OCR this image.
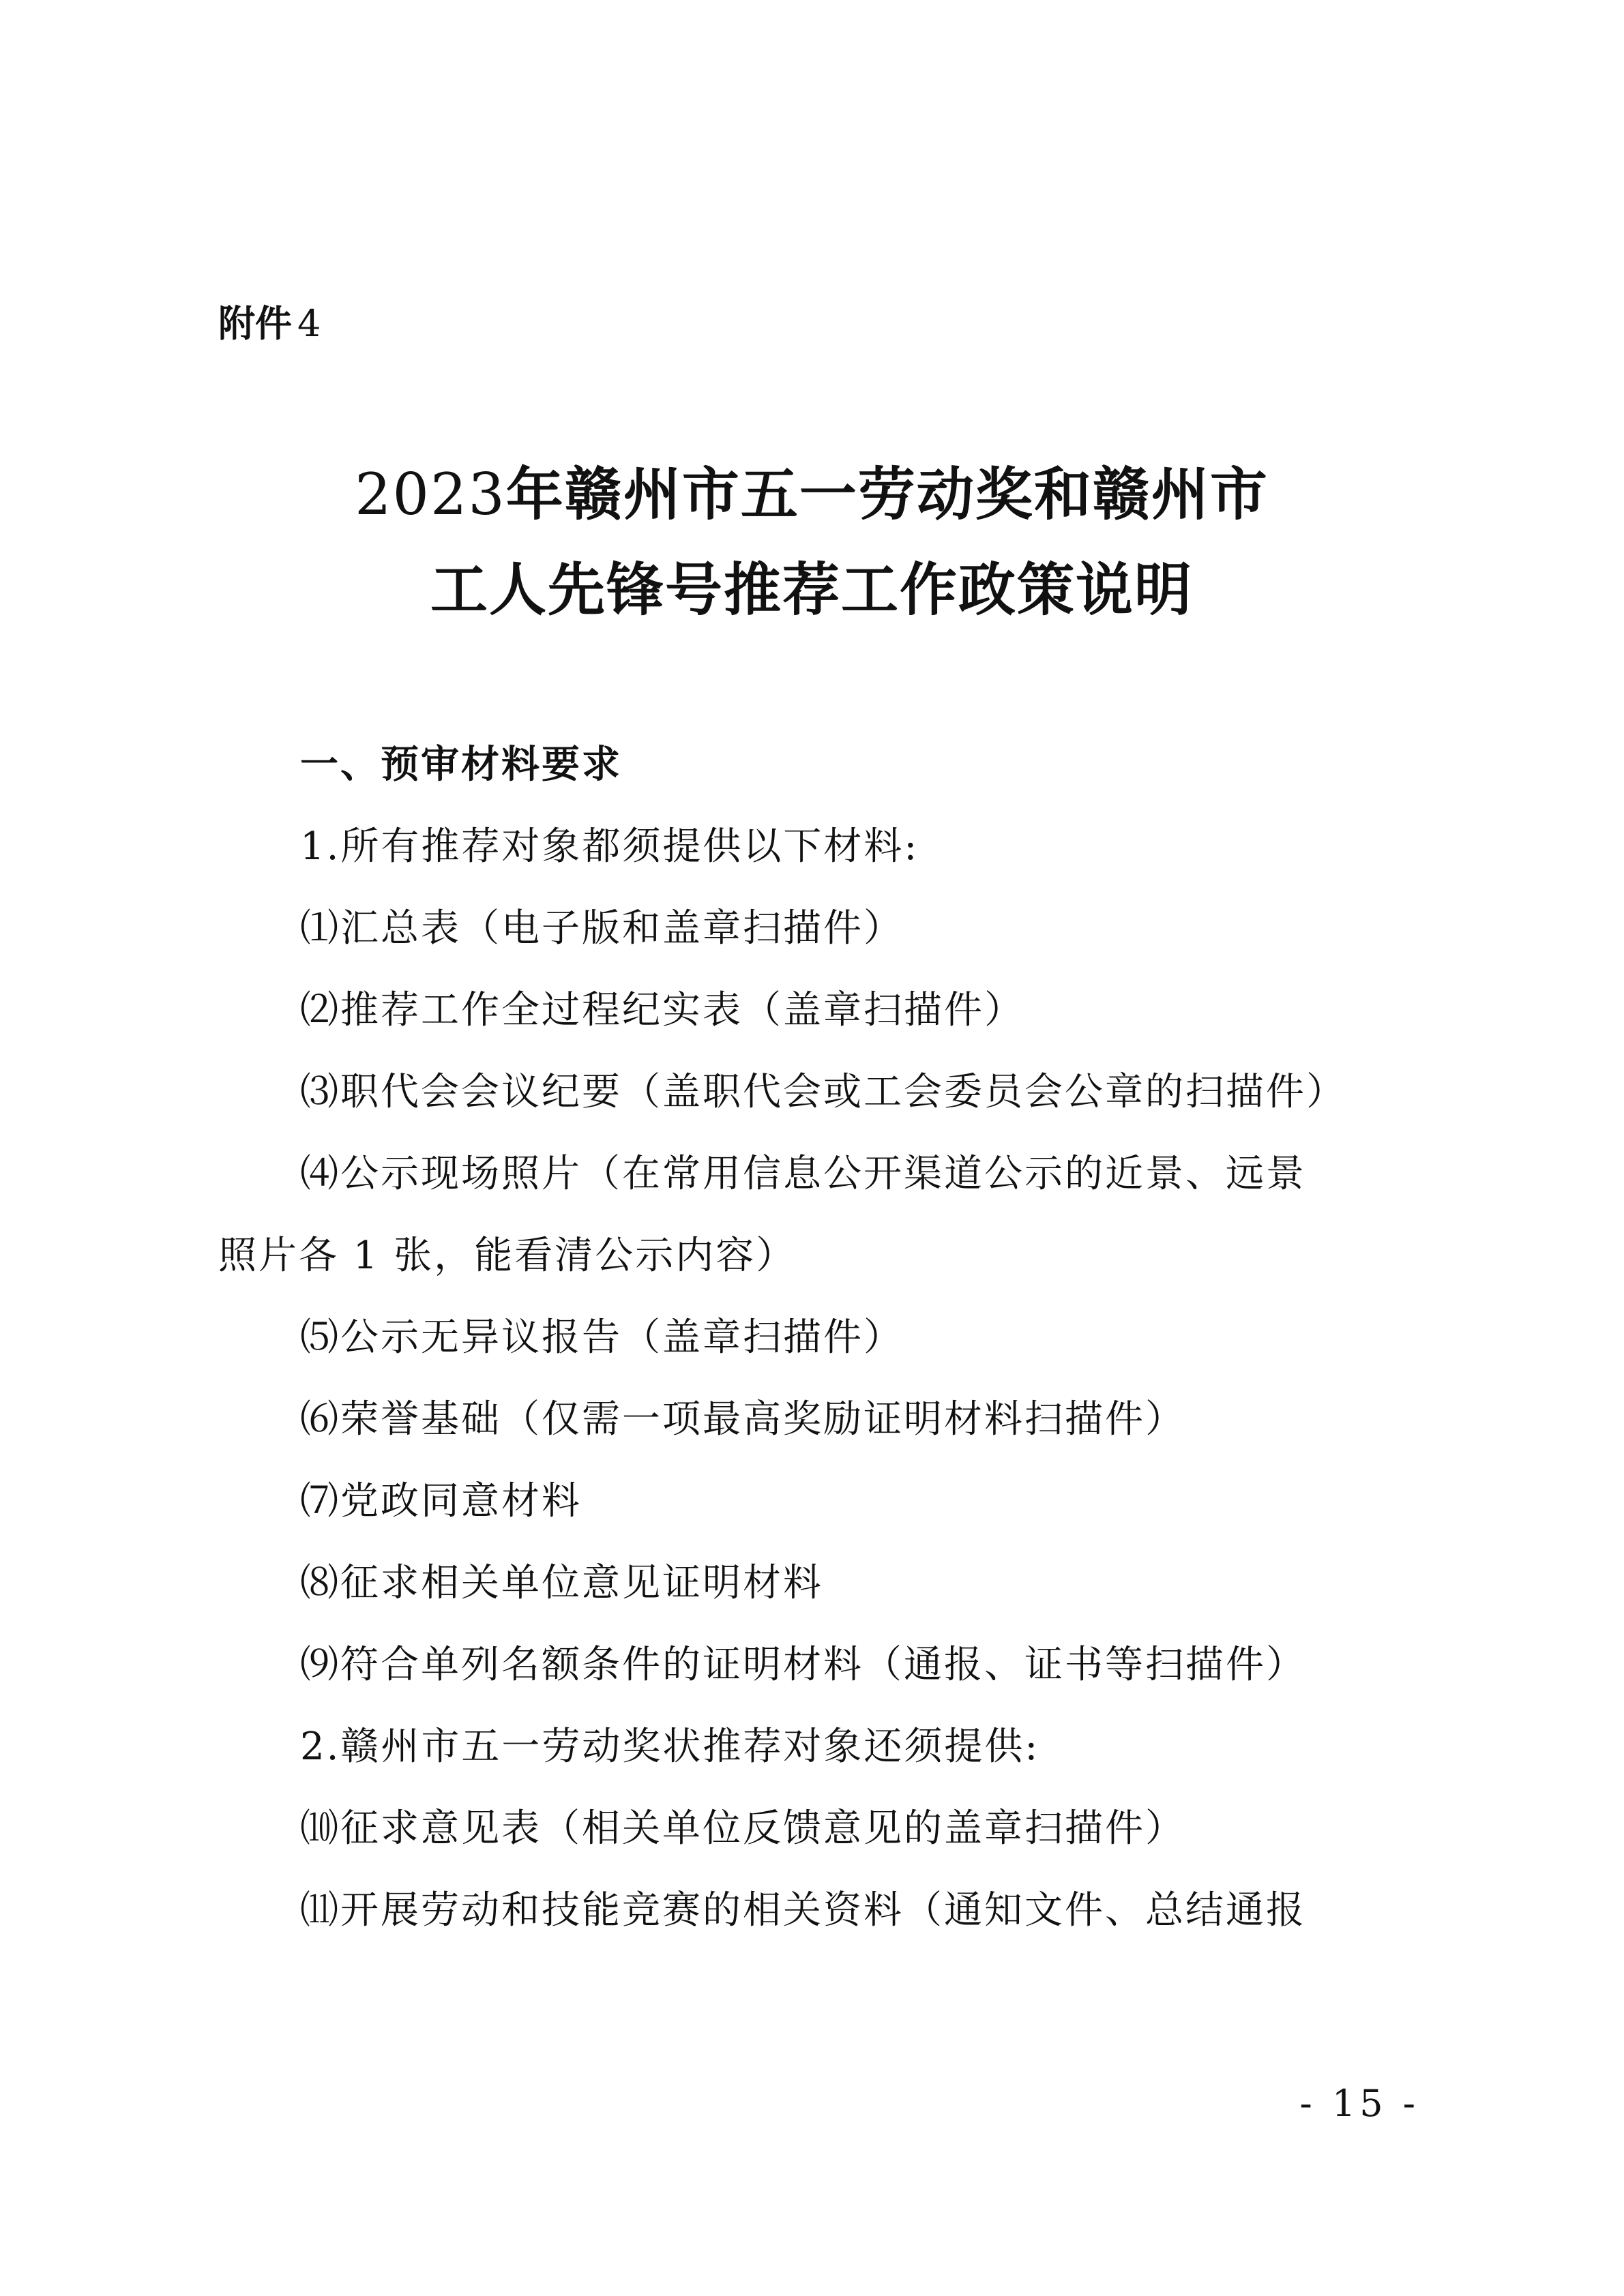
附件 4
2023年赣州市五一劳动奖和赣州市
工人先锋号推荐工作政策说明
一、预审材料要求
1.所有推荐对象都须提供以下材料:
⑴汇总表（电子版和盖章扫描件）
⑵推荐工作全过程纪实表（盖章扫描件）
⑶职代会会议纪要（盖职代会或工会委员会公章的扫描件）
⑷公示现场照片（在常用信息公开渠道公示的近景、远景
照片各 1 张，能看清公示内容）
⑸公示无异议报告（盖章扫描件）
⑹荣誉基础（仅需一项最高奖励证明材料扫描件）
⑺党政同意材料
⑻征求相关单位意见证明材料
⑼符合单列名额条件的证明材料（通报、证书等扫描件）
2.赣州市五一劳动奖状推荐对象还须提供:
⑽征求意见表（相关单位反馈意见的盖章扫描件）
⑾开展劳动和技能竞赛的相关资料（通知文件、总结通报
- 15 -
